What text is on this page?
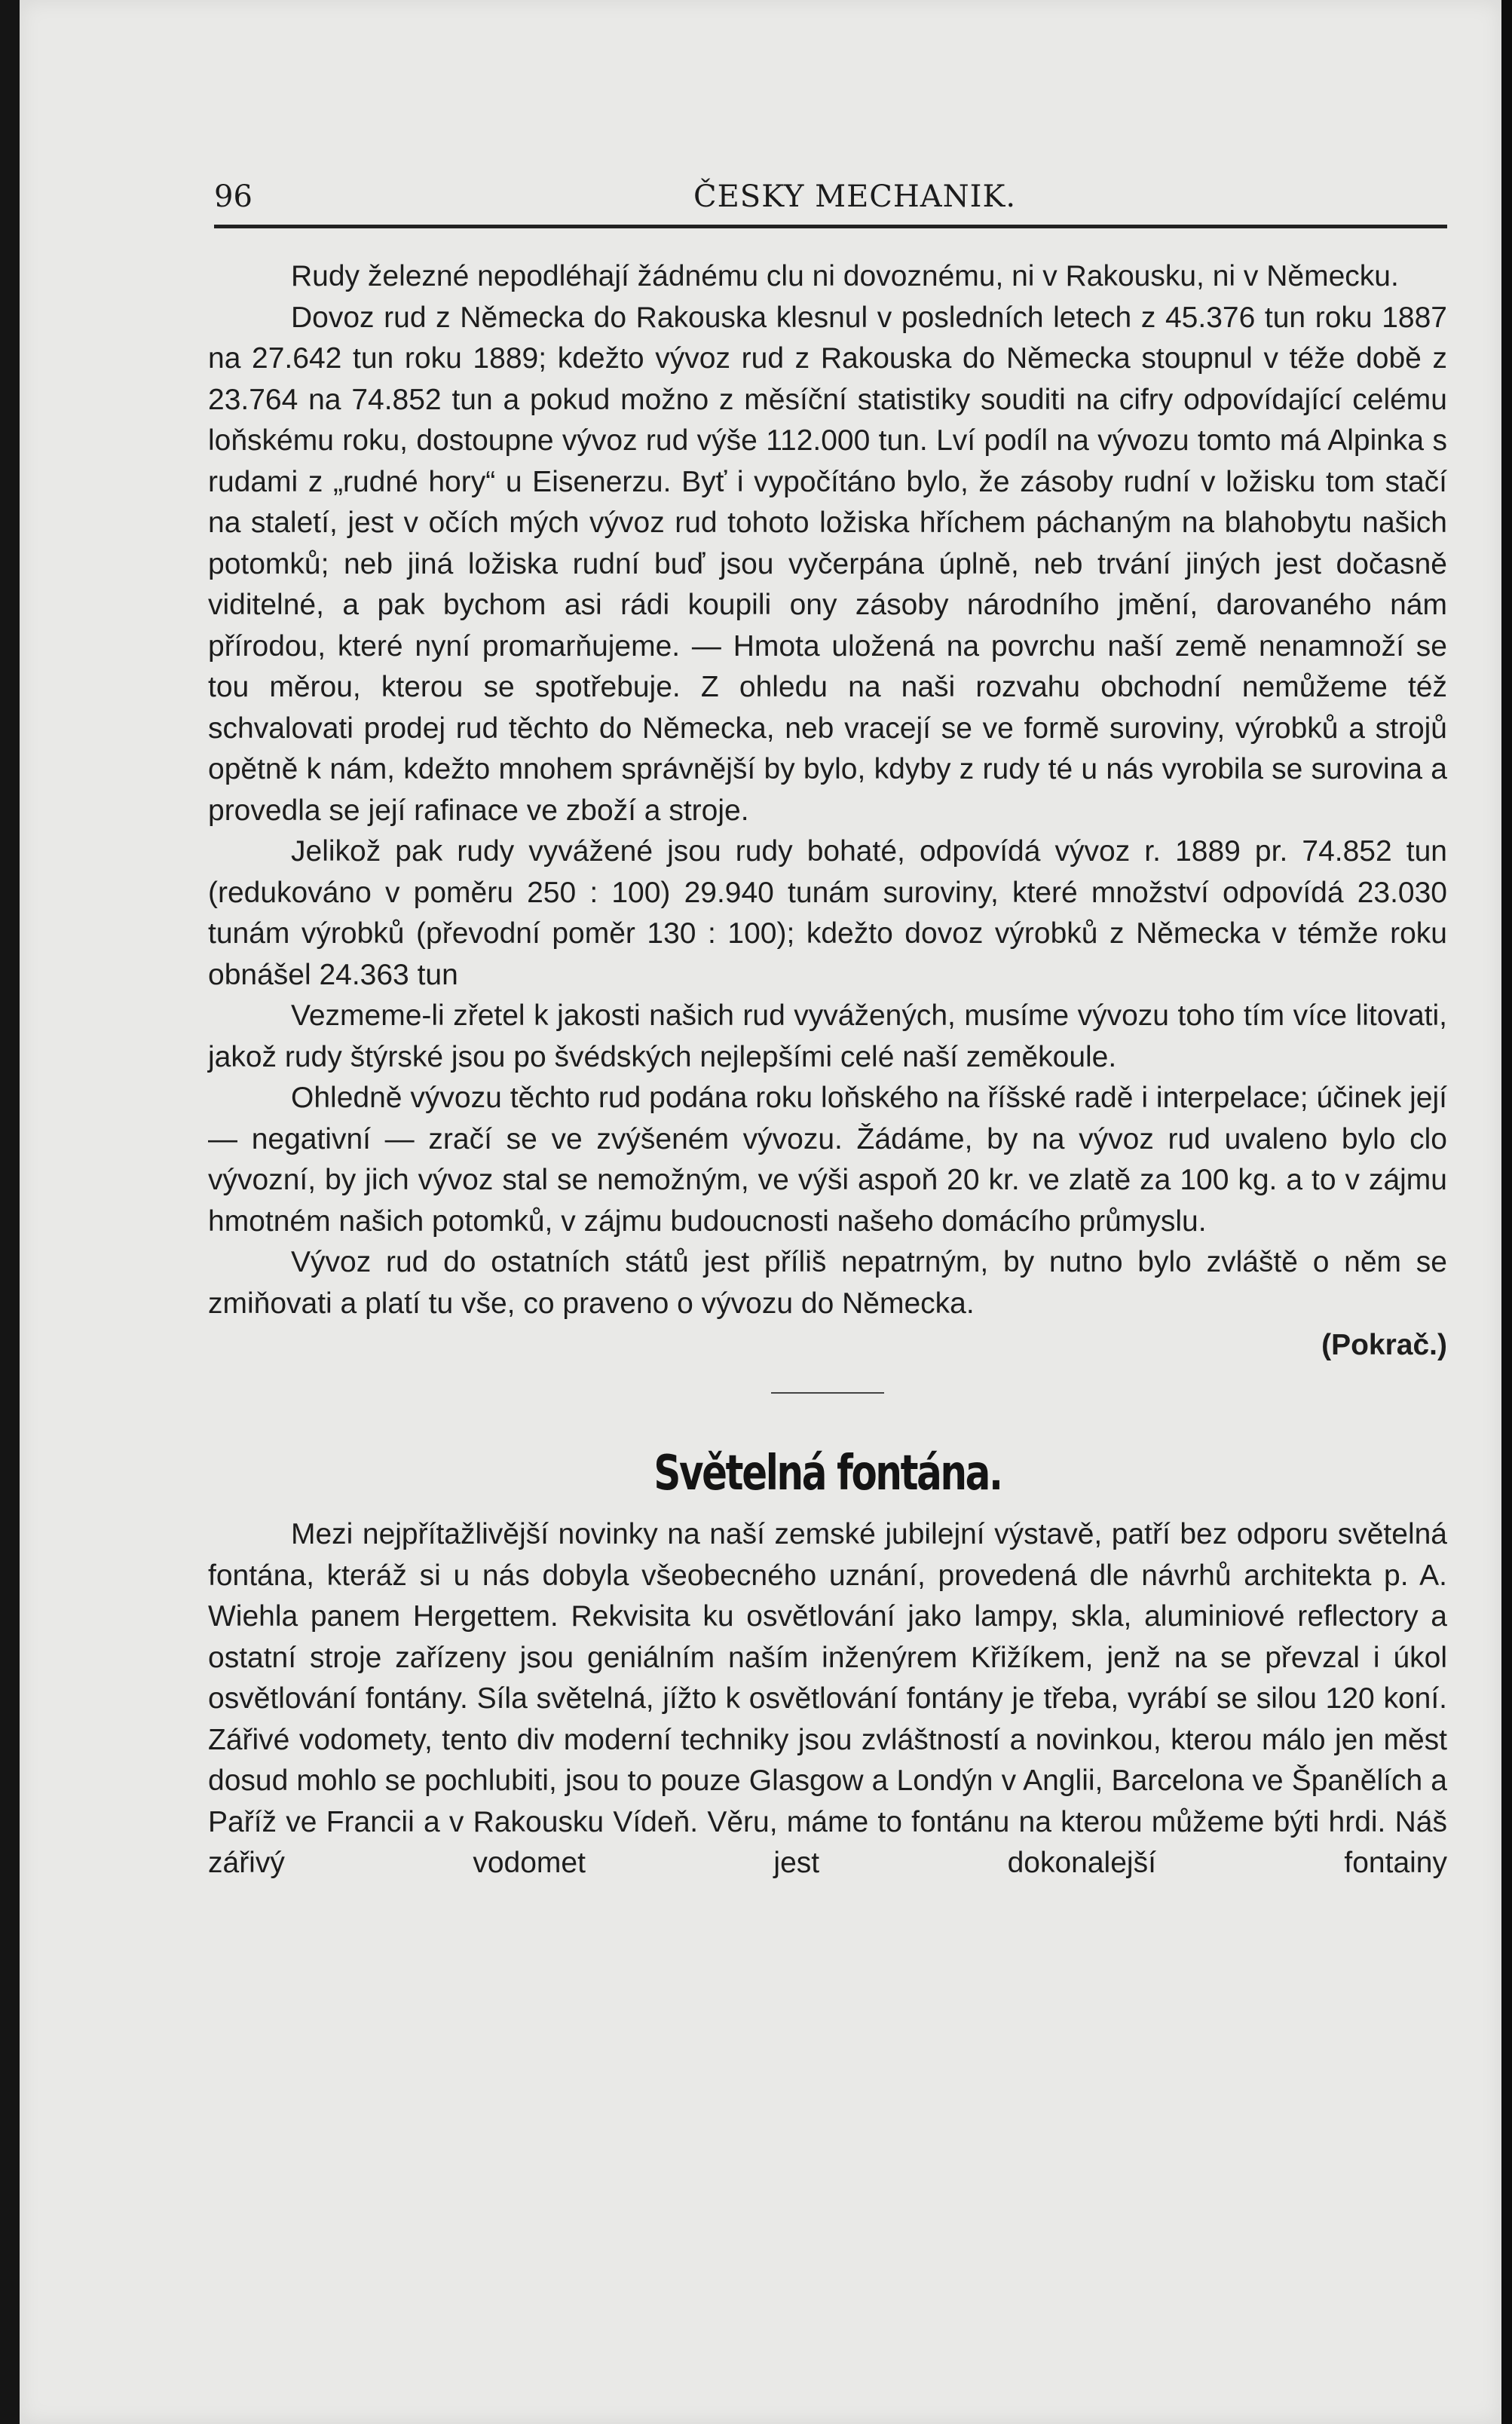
96	ČESKY MECHANIK.

Rudy železné nepodléhají žádnému clu ni dovoznému, ni v Rakousku, ni v Německu.

Dovoz rud z Německa do Rakouska klesnul v posledních letech z 45.376 tun roku 1887 na 27.642 tun roku 1889; kdežto vývoz rud z Rakouska do Německa stoupnul v téže době z 23.764 na 74.852 tun a pokud možno z měsíční statistiky souditi na cifry odpovídající celému loňskému roku, dostoupne vývoz rud výše 112.000 tun. Lví podíl na vývozu tomto má Alpinka s rudami z „rudné hory“ u Eisenerzu. Byť i vypočítáno bylo, že zásoby rudní v ložisku tom stačí na staletí, jest v očích mých vývoz rud tohoto ložiska hříchem páchaným na blahobytu našich potomků; neb jiná ložiska rudní buď jsou vyčerpána úplně, neb trvání jiných jest dočasně viditelné, a pak bychom asi rádi koupili ony zásoby národního jmění, darovaného nám přírodou, které nyní promarňujeme. — Hmota uložená na povrchu naší země nenamnoží se tou měrou, kterou se spotřebuje. Z ohledu na naši rozvahu obchodní nemůžeme též schvalovati prodej rud těchto do Německa, neb vracejí se ve formě suroviny, výrobků a strojů opětně k nám, kdežto mnohem správnější by bylo, kdyby z rudy té u nás vyrobila se surovina a provedla se její rafinace ve zboží a stroje.

Jelikož pak rudy vyvážené jsou rudy bohaté, odpovídá vývoz r. 1889 pr. 74.852 tun (redukováno v poměru 250 : 100) 29.940 tunám suroviny, které množství odpovídá 23.030 tunám výrobků (převodní poměr 130 : 100); kdežto dovoz výrobků z Německa v témže roku obnášel 24.363 tun

Vezmeme-li zřetel k jakosti našich rud vyvážených, musíme vývozu toho tím více litovati, jakož rudy štýrské jsou po švédských nejlepšími celé naší zeměkoule.

Ohledně vývozu těchto rud podána roku loňského na říšské radě i interpelace; účinek její — negativní — zračí se ve zvýšeném vývozu. Žádáme, by na vývoz rud uvaleno bylo clo vývozní, by jich vývoz stal se nemožným, ve výši aspoň 20 kr. ve zlatě za 100 kg. a to v zájmu hmotném našich potomků, v zájmu budoucnosti našeho domácího průmyslu.

Vývoz rud do ostatních států jest příliš nepatrným, by nutno bylo zvláště o něm se zmiňovati a platí tu vše, co praveno o vývozu do Německa.

(Pokrač.)
Světelná fontána.

Mezi nejpřítažlivější novinky na naší zemské jubilejní výstavě, patří bez odporu světelná fontána, kteráž si u nás dobyla všeobecného uznání, provedená dle návrhů architekta p. A. Wiehla panem Hergettem. Rekvisita ku osvětlování jako lampy, skla, aluminiové reflectory a ostatní stroje zařízeny jsou geniálním naším inženýrem Křižíkem, jenž na se převzal i úkol osvětlování fontány. Síla světelná, jížto k osvětlování fontány je třeba, vyrábí se silou 120 koní. Zářivé vodomety, tento div moderní techniky jsou zvláštností a novinkou, kterou málo jen měst dosud mohlo se pochlubiti, jsou to pouze Glasgow a Londýn v Anglii, Barcelona ve Španělích a Paříž ve Francii a v Rakousku Vídeň. Věru, máme to fontánu na kterou můžeme býti hrdi. Náš zářivý vodomet jest dokonalejší fontainy
